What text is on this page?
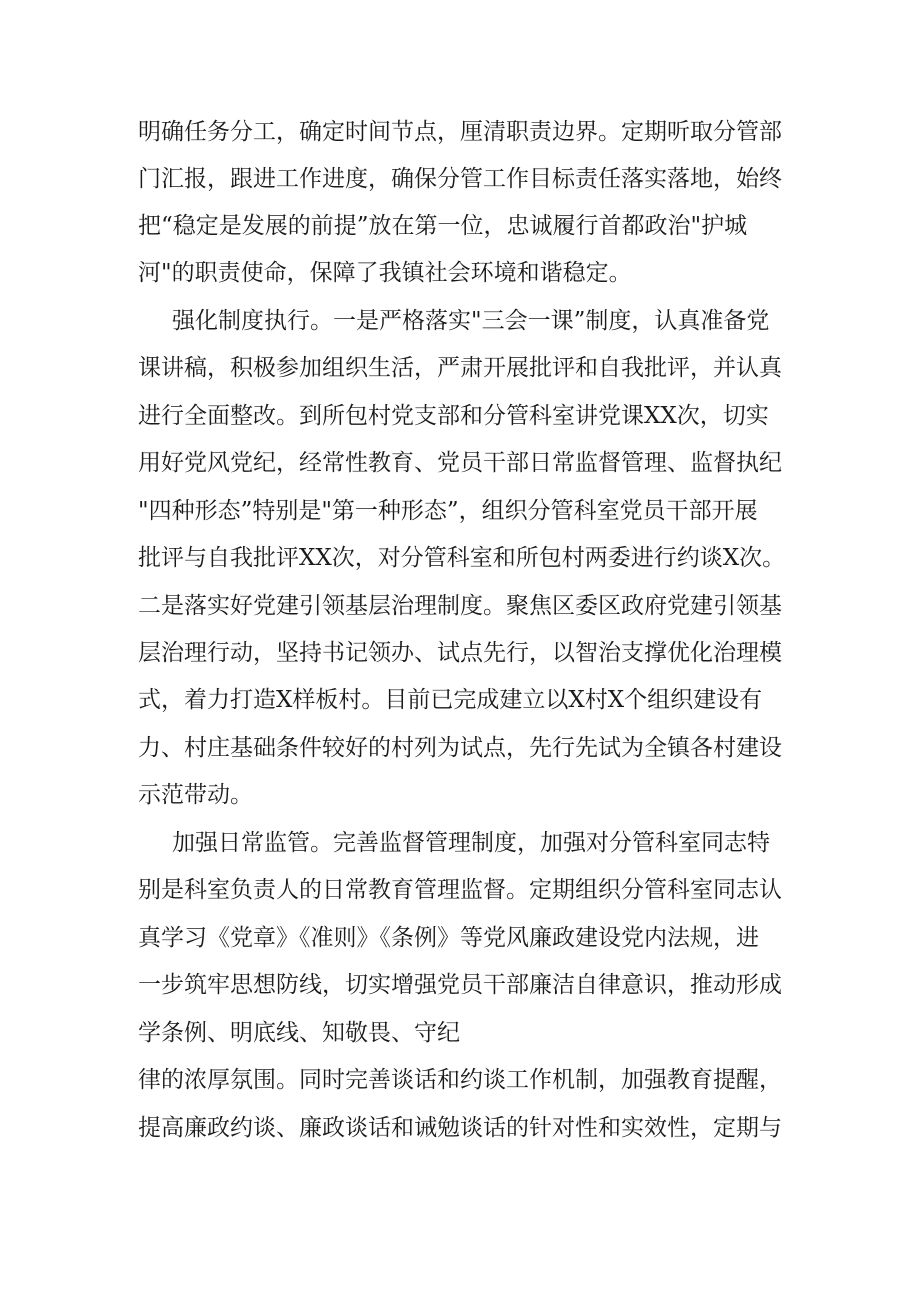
明确任务分工，确定时间节点，厘清职责边界。定期听取分管部
门汇报，跟进工作进度，确保分管工作目标责任落实落地，始终
把“稳定是发展的前提”放在第一位，忠诚履行首都政治"护城
河"的职责使命，保障了我镇社会环境和谐稳定。
强化制度执行。一是严格落实"三会一课”制度，认真准备党
课讲稿，积极参加组织生活，严肃开展批评和自我批评，并认真
进行全面整改。到所包村党支部和分管科室讲党课XX次，切实
用好党风党纪，经常性教育、党员干部日常监督管理、监督执纪
"四种形态”特别是"第一种形态”，组织分管科室党员干部开展
批评与自我批评XX次，对分管科室和所包村两委进行约谈X次。
二是落实好党建引领基层治理制度。聚焦区委区政府党建引领基
层治理行动，坚持书记领办、试点先行，以智治支撑优化治理模
式，着力打造X样板村。目前已完成建立以X村X个组织建设有
力、村庄基础条件较好的村列为试点，先行先试为全镇各村建设
示范带动。
加强日常监管。完善监督管理制度，加强对分管科室同志特
别是科室负责人的日常教育管理监督。定期组织分管科室同志认
真学习《党章》《准则》《条例》等党风廉政建设党内法规，进
一步筑牢思想防线，切实增强党员干部廉洁自律意识，推动形成
学条例、明底线、知敬畏、守纪
律的浓厚氛围。同时完善谈话和约谈工作机制，加强教育提醒，
提高廉政约谈、廉政谈话和诫勉谈话的针对性和实效性，定期与
